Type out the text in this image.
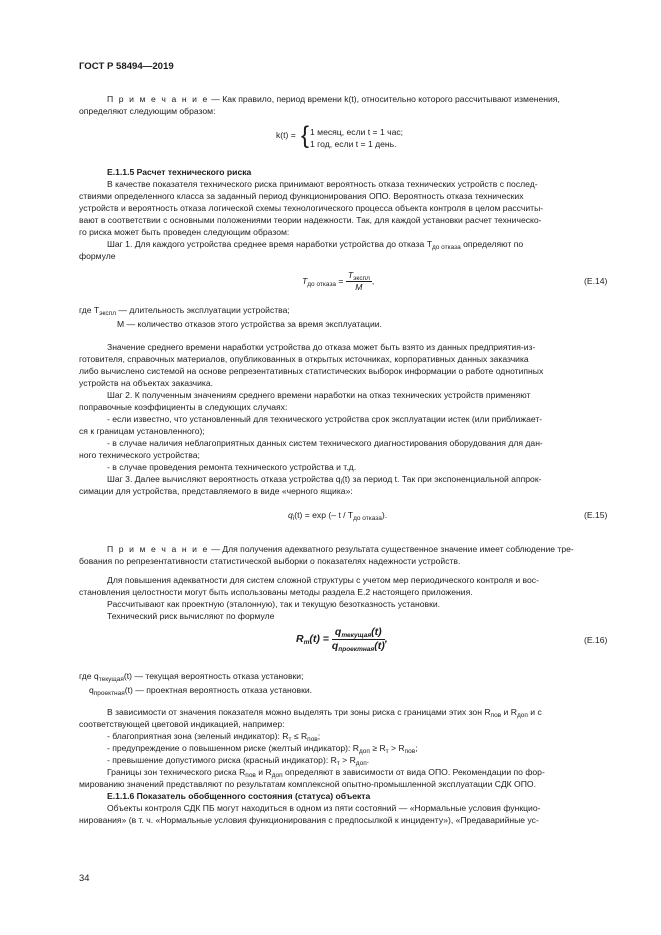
ГОСТ Р 58494—2019
П р и м е ч а н и е — Как правило, период времени k(t), относительно которого рассчитывают изменения,
определяют следующим образом:
k(t) = { 1 месяц, если t = 1 час;
1 год, если t = 1 день.
Е.1.1.5 Расчет технического риска
В качестве показателя технического риска принимают вероятность отказа технических устройств с послед-
ствиями определенного класса за заданный период функционирования ОПО. Вероятность отказа технических
устройств и вероятность отказа логической схемы технологического процесса объекта контроля в целом рассчиты-
вают в соответствии с основными положениями теории надежности. Так, для каждой установки расчет техническо-
го риска может быть проведен следующим образом:
Шаг 1. Для каждого устройства среднее время наработки устройства до отказа $T_{до отказа}$ определяют по
формуле
$T_{до отказа} = \frac{T_{экспл}}{M}$ ,	(Е.14)
где $T_{экспл}$ — длительность эксплуатации устройства;
M — количество отказов этого устройства за время эксплуатации.
Значение среднего времени наработки устройства до отказа может быть взято из данных предприятия-из-
готовителя, справочных материалов, опубликованных в открытых источниках, корпоративных данных заказчика
либо вычислено системой на основе репрезентативных статистических выборок информации о работе однотипных
устройств на объектах заказчика.
Шаг 2. К полученным значениям среднего времени наработки на отказ технических устройств применяют
поправочные коэффициенты в следующих случаях:
- если известно, что установленный для технического устройства срок эксплуатации истек (или приближает-
ся к границам установленного);
- в случае наличия неблагоприятных данных систем технического диагностирования оборудования для дан-
ного технического устройства;
- в случае проведения ремонта технического устройства и т.д.
Шаг 3. Далее вычисляют вероятность отказа устройства $q_i(t)$ за период t. Так при экспоненциальной аппрок-
симации для устройства, представляемого в виде «черного ящика»:
$q_i(t) = \exp$ (– t / $T_{до отказа}$).	(Е.15)
П р и м е ч а н и е — Для получения адекватного результата существенное значение имеет соблюдение тре-
бования по репрезентативности статистической выборки о показателях надежности устройств.
Для повышения адекватности для систем сложной структуры с учетом мер периодического контроля и вос-
становления целостности могут быть использованы методы раздела Е.2 настоящего приложения.
Рассчитывают как проектную (эталонную), так и текущую безотказность установки.
Технический риск вычисляют по формуле
$R_т(t) = \frac{q_{текущая}(t)}{q_{проектная}(t)}$ ,	(Е.16)
где $q_{текущая}(t)$ — текущая вероятность отказа установки;
$q_{проектная}(t)$ — проектная вероятность отказа установки.
В зависимости от значения показателя можно выделять три зоны риска с границами этих зон $R_{пов}$ и $R_{доп}$ и с
соответствующей цветовой индикацией, например:
- благоприятная зона (зеленый индикатор): $R_т \le R_{пов}$;
- предупреждение о повышенном риске (желтый индикатор): $R_{доп} \ge R_т > R_{пов}$;
- превышение допустимого риска (красный индикатор): $R_т > R_{доп}$.
Границы зон технического риска $R_{пов}$ и $R_{доп}$ определяют в зависимости от вида ОПО. Рекомендации по фор-
мированию значений представляют по результатам комплексной опытно-промышленной эксплуатации СДК ОПО.
Е.1.1.6 Показатель обобщенного состояния (статуса) объекта
Объекты контроля СДК ПБ могут находиться в одном из пяти состояний — «Нормальные условия функцио-
нирования» (в т. ч. «Нормальные условия функционирования с предпосылкой к инциденту»), «Предаварийные ус-
34
